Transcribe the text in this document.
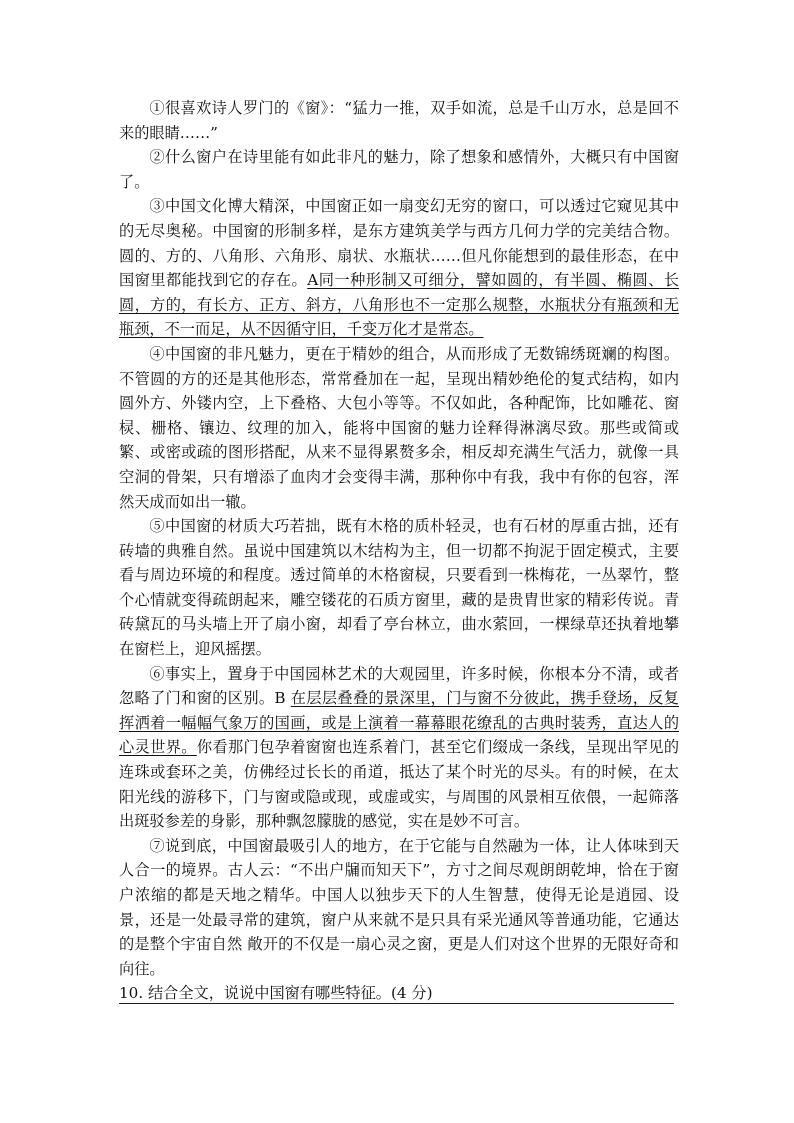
①很喜欢诗人罗门的《窗》：“猛力一推，双手如流，总是千山万水，总是回不来的眼睛……”

②什么窗户在诗里能有如此非凡的魅力，除了想象和感情外，大概只有中国窗了。

③中国文化博大精深，中国窗正如一扇变幻无穷的窗口，可以透过它窥见其中的无尽奥秘。中国窗的形制多样，是东方建筑美学与西方几何力学的完美结合物。圆的、方的、八角形、六角形、扇状、水瓶状……但凡你能想到的最佳形态，在中国窗里都能找到它的存在。A同一种形制又可细分，譬如圆的，有半圆、椭圆、长圆，方的，有长方、正方、斜方，八角形也不一定那么规整，水瓶状分有瓶颈和无瓶颈，不一而足，从不因循守旧，千变万化才是常态。

④中国窗的非凡魅力，更在于精妙的组合，从而形成了无数锦绣斑斓的构图。不管圆的方的还是其他形态，常常叠加在一起，呈现出精妙绝伦的复式结构，如内圆外方、外镂内空，上下叠格、大包小等等。不仅如此，各种配饰，比如雕花、窗棂、栅格、镶边、纹理的加入，能将中国窗的魅力诠释得淋漓尽致。那些或简或繁、或密或疏的图形搭配，从来不显得累赘多余，相反却充满生气活力，就像一具空洞的骨架，只有增添了血肉才会变得丰满，那种你中有我，我中有你的包容，浑然天成而如出一辙。

⑤中国窗的材质大巧若拙，既有木格的质朴轻灵，也有石材的厚重古拙，还有砖墙的典雅自然。虽说中国建筑以木结构为主，但一切都不拘泥于固定模式，主要看与周边环境的和程度。透过简单的木格窗棂，只要看到一株梅花，一丛翠竹，整个心情就变得疏朗起来，雕空镂花的石质方窗里，藏的是贵胄世家的精彩传说。青砖黛瓦的马头墙上开了扇小窗，却看了亭台林立，曲水萦回，一棵绿草还执着地攀在窗栏上，迎风摇摆。

⑥事实上，置身于中国园林艺术的大观园里，许多时候，你根本分不清，或者忽略了门和窗的区别。B 在层层叠叠的景深里，门与窗不分彼此，携手登场，反复挥洒着一幅幅气象万的国画，或是上演着一幕幕眼花缭乱的古典时装秀，直达人的心灵世界。你看那门包孕着窗窗也连系着门，甚至它们缀成一条线，呈现出罕见的连珠或套环之美，仿佛经过长长的甬道，抵达了某个时光的尽头。有的时候，在太阳光线的游移下，门与窗或隐或现，或虚或实，与周围的风景相互依偎，一起筛落出斑驳参差的身影，那种飘忽朦胧的感觉，实在是妙不可言。

⑦说到底，中国窗最吸引人的地方，在于它能与自然融为一体，让人体味到天人合一的境界。古人云：“不出户牖而知天下”，方寸之间尽观朗朗乾坤，恰在于窗户浓缩的都是天地之精华。中国人以独步天下的人生智慧，使得无论是逍园、设景，还是一处最寻常的建筑，窗户从来就不是只具有采光通风等普通功能，它通达的是整个宇宙自然 敞开的不仅是一扇心灵之窗，更是人们对这个世界的无限好奇和向往。

10. 结合全文，说说中国窗有哪些特征。(4 分)
